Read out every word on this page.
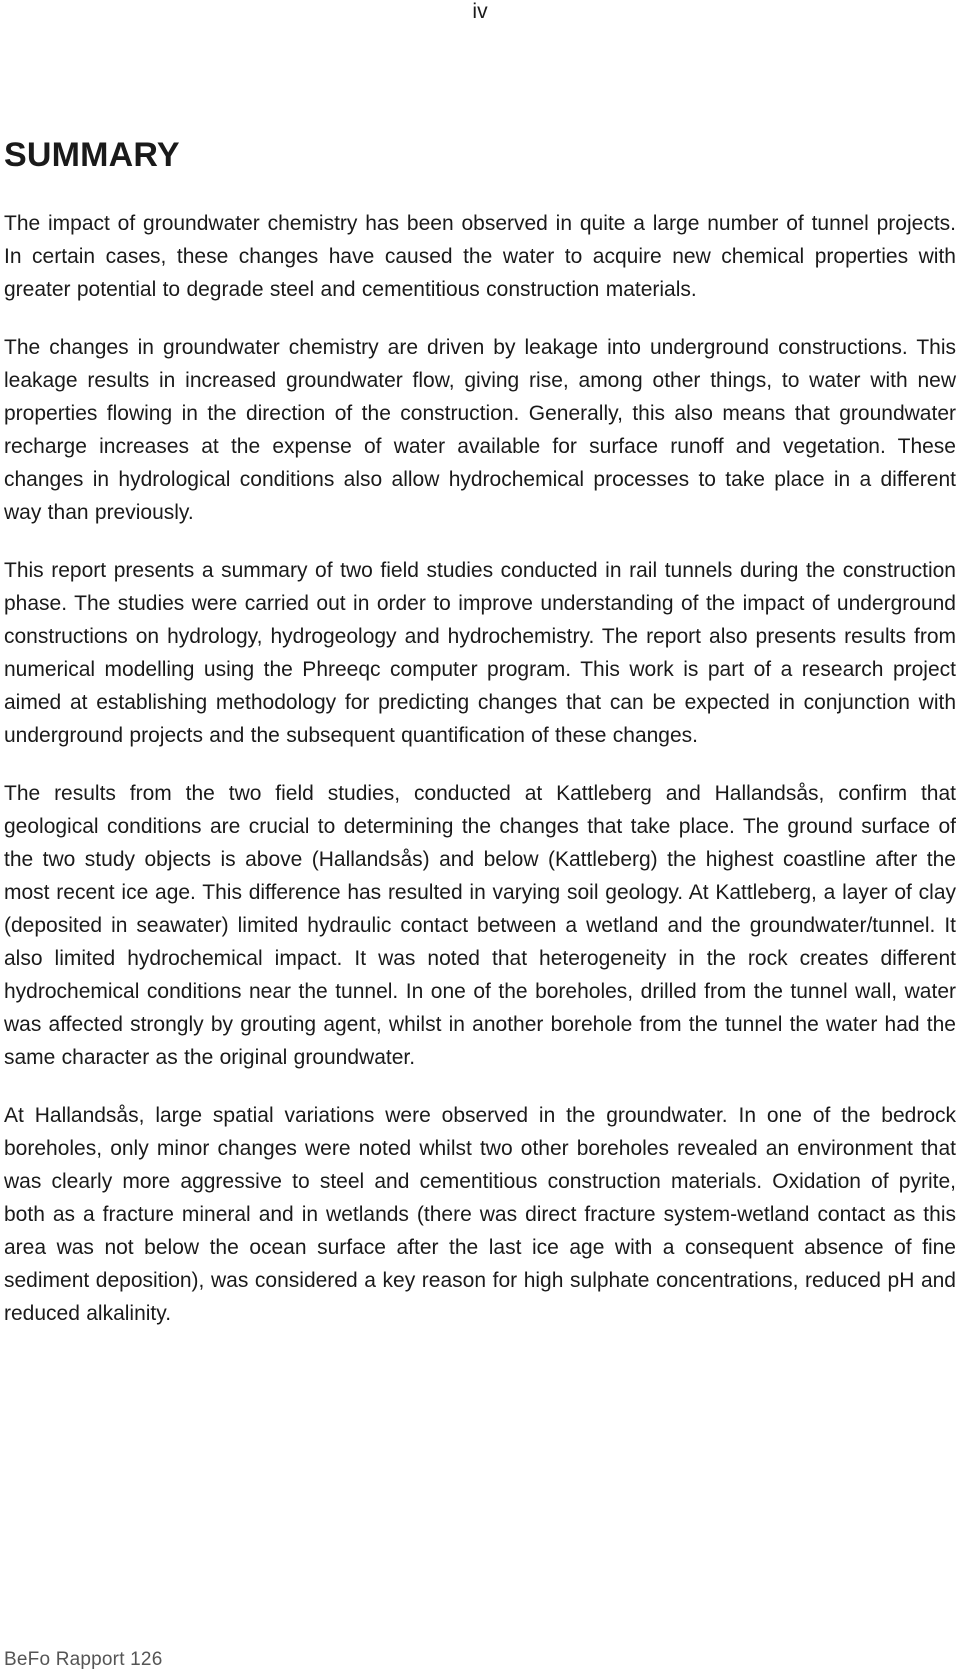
iv
SUMMARY

The impact of groundwater chemistry has been observed in quite a large number of tunnel projects. In certain cases, these changes have caused the water to acquire new chemical properties with greater potential to degrade steel and cementitious construction materials.

The changes in groundwater chemistry are driven by leakage into underground constructions. This leakage results in increased groundwater flow, giving rise, among other things, to water with new properties flowing in the direction of the construction. Generally, this also means that groundwater recharge increases at the expense of water available for surface runoff and vegetation. These changes in hydrological conditions also allow hydrochemical processes to take place in a different way than previously.

This report presents a summary of two field studies conducted in rail tunnels during the construction phase. The studies were carried out in order to improve understanding of the impact of underground constructions on hydrology, hydrogeology and hydrochemistry. The report also presents results from numerical modelling using the Phreeqc computer program. This work is part of a research project aimed at establishing methodology for predicting changes that can be expected in conjunction with underground projects and the subsequent quantification of these changes.

The results from the two field studies, conducted at Kattleberg and Hallandsås, confirm that geological conditions are crucial to determining the changes that take place. The ground surface of the two study objects is above (Hallandsås) and below (Kattleberg) the highest coastline after the most recent ice age. This difference has resulted in varying soil geology. At Kattleberg, a layer of clay (deposited in seawater) limited hydraulic contact between a wetland and the groundwater/tunnel. It also limited hydrochemical impact. It was noted that heterogeneity in the rock creates different hydrochemical conditions near the tunnel. In one of the boreholes, drilled from the tunnel wall, water was affected strongly by grouting agent, whilst in another borehole from the tunnel the water had the same character as the original groundwater.

At Hallandsås, large spatial variations were observed in the groundwater. In one of the bedrock boreholes, only minor changes were noted whilst two other boreholes revealed an environment that was clearly more aggressive to steel and cementitious construction materials. Oxidation of pyrite, both as a fracture mineral and in wetlands (there was direct fracture system-wetland contact as this area was not below the ocean surface after the last ice age with a consequent absence of fine sediment deposition), was considered a key reason for high sulphate concentrations, reduced pH and reduced alkalinity.

BeFo Rapport 126
